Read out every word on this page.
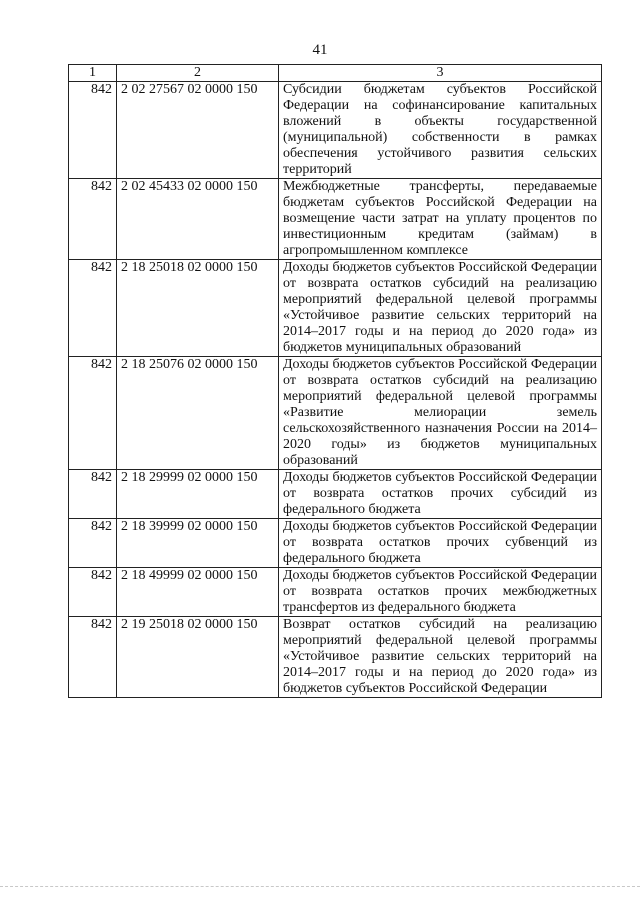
41
1	2	3
842	2 02 27567 02 0000 150	Субсидии бюджетам субъектов Российской Федерации на софинансирование капитальных вложений в объекты государственной (муниципальной) собственности в рамках обеспечения устойчивого развития сельских территорий
842	2 02 45433 02 0000 150	Межбюджетные трансферты, передаваемые бюджетам субъектов Российской Федерации на возмещение части затрат на уплату процентов по инвестиционным кредитам (займам) в агропромышленном комплексе
842	2 18 25018 02 0000 150	Доходы бюджетов субъектов Российской Федерации от возврата остатков субсидий на реализацию мероприятий федеральной целевой программы «Устойчивое развитие сельских территорий на 2014–2017 годы и на период до 2020 года» из бюджетов муниципальных образований
842	2 18 25076 02 0000 150	Доходы бюджетов субъектов Российской Федерации от возврата остатков субсидий на реализацию мероприятий федеральной целевой программы «Развитие мелиорации земель сельскохозяйственного назначения России на 2014–2020 годы» из бюджетов муниципальных образований
842	2 18 29999 02 0000 150	Доходы бюджетов субъектов Российской Федерации от возврата остатков прочих субсидий из федерального бюджета
842	2 18 39999 02 0000 150	Доходы бюджетов субъектов Российской Федерации от возврата остатков прочих субвенций из федерального бюджета
842	2 18 49999 02 0000 150	Доходы бюджетов субъектов Российской Федерации от возврата остатков прочих межбюджетных трансфертов из федерального бюджета
842	2 19 25018 02 0000 150	Возврат остатков субсидий на реализацию мероприятий федеральной целевой программы «Устойчивое развитие сельских территорий на 2014–2017 годы и на период до 2020 года» из бюджетов субъектов Российской Федерации
